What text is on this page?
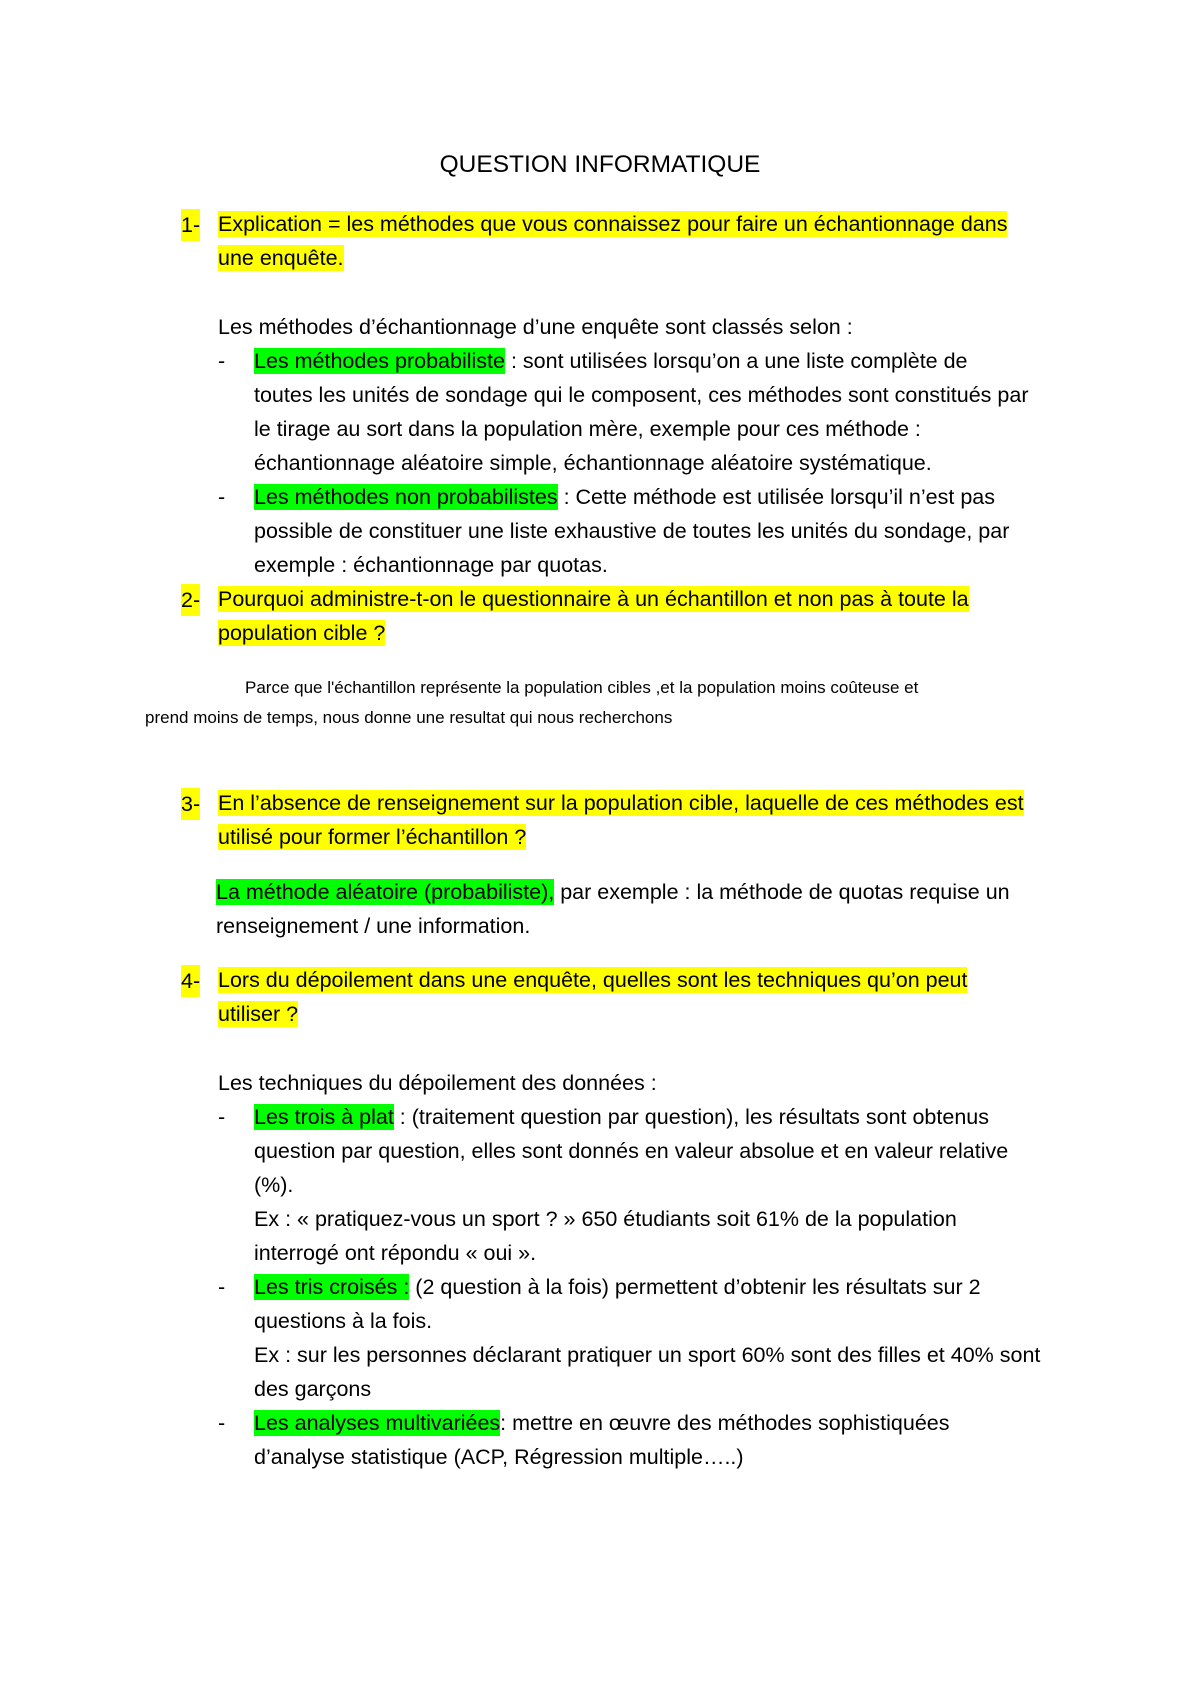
QUESTION INFORMATIQUE
1- Explication = les méthodes que vous connaissez pour faire un échantionnage dans
une enquête.
Les méthodes d’échantionnage d’une enquête sont classés selon :
- Les méthodes probabiliste : sont utilisées lorsqu’on a une liste complète de
toutes les unités de sondage qui le composent, ces méthodes sont constitués par
le tirage au sort dans la population mère, exemple pour ces méthode :
échantionnage aléatoire simple, échantionnage aléatoire systématique.
- Les méthodes non probabilistes : Cette méthode est utilisée lorsqu’il n’est pas
possible de constituer une liste exhaustive de toutes les unités du sondage, par
exemple : échantionnage par quotas.
2- Pourquoi administre-t-on le questionnaire à un échantillon et non pas à toute la
population cible ?
Parce que l'échantillon représente la population cibles ,et la population moins coûteuse et
prend moins de temps, nous donne une resultat qui nous recherchons
3- En l’absence de renseignement sur la population cible, laquelle de ces méthodes est
utilisé pour former l’échantillon ?
La méthode aléatoire (probabiliste), par exemple : la méthode de quotas requise un
renseignement / une information.
4- Lors du dépoilement dans une enquête, quelles sont les techniques qu’on peut
utiliser ?
Les techniques du dépoilement des données :
- Les trois à plat : (traitement question par question), les résultats sont obtenus
question par question, elles sont donnés en valeur absolue et en valeur relative
(%).
Ex : « pratiquez-vous un sport ? » 650 étudiants soit 61% de la population
interrogé ont répondu « oui ».
- Les tris croisés : (2 question à la fois) permettent d’obtenir les résultats sur 2
questions à la fois.
Ex : sur les personnes déclarant pratiquer un sport 60% sont des filles et 40% sont
des garçons
- Les analyses multivariées: mettre en œuvre des méthodes sophistiquées
d’analyse statistique (ACP, Régression multiple…..)
